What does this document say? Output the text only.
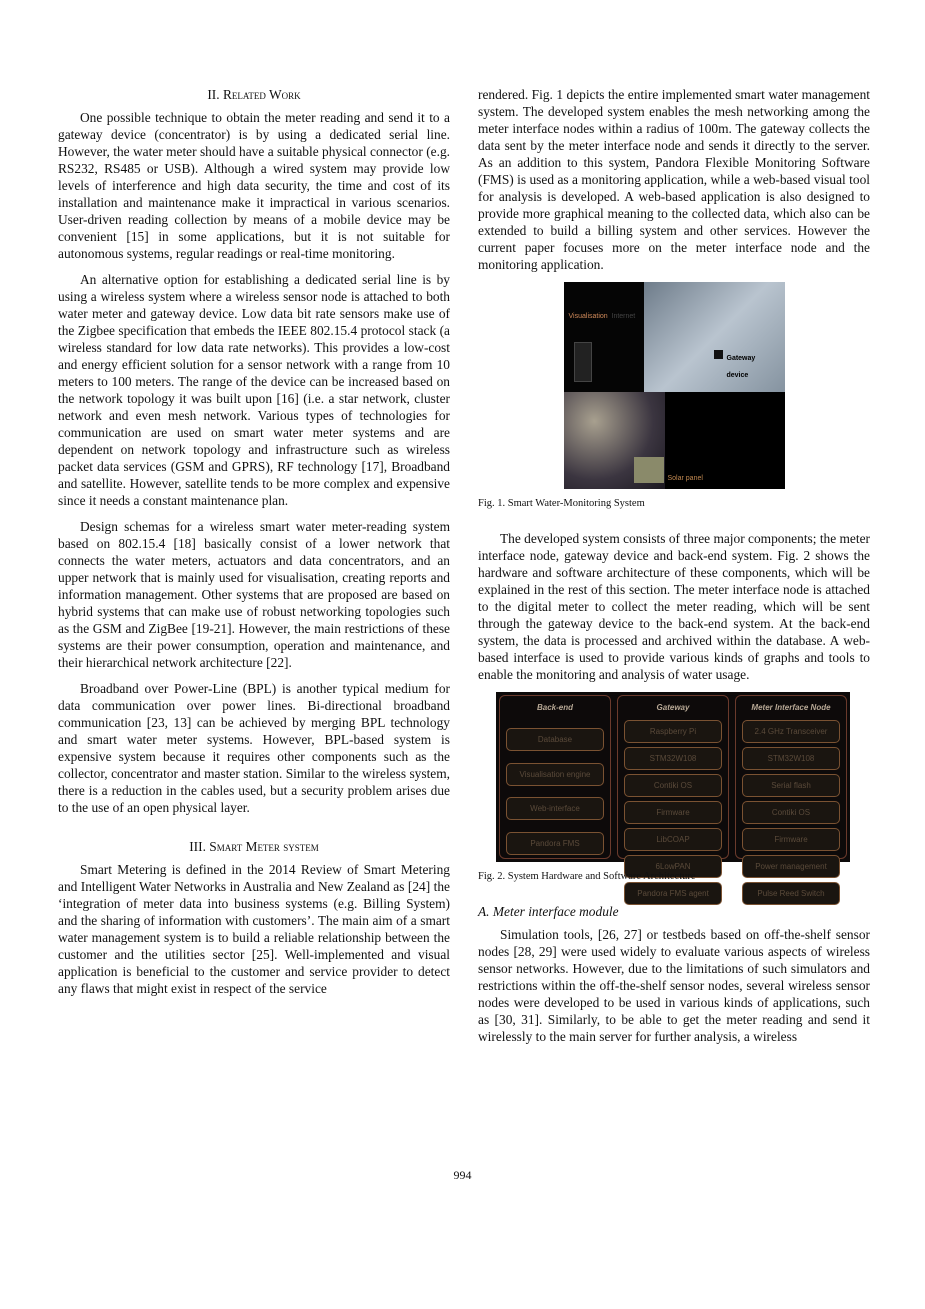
II. Related Work

One possible technique to obtain the meter reading and send it to a gateway device (concentrator) is by using a dedicated serial line. However, the water meter should have a suitable physical connector (e.g. RS232, RS485 or USB). Although a wired system may provide low levels of interference and high data security, the time and cost of its installation and maintenance make it impractical in various scenarios. User-driven reading collection by means of a mobile device may be convenient [15] in some applications, but it is not suitable for autonomous systems, regular readings or real-time monitoring.

An alternative option for establishing a dedicated serial line is by using a wireless system where a wireless sensor node is attached to both water meter and gateway device. Low data bit rate sensors make use of the Zigbee specification that embeds the IEEE 802.15.4 protocol stack (a wireless standard for low data rate networks). This provides a low-cost and energy efficient solution for a sensor network with a range from 10 meters to 100 meters. The range of the device can be increased based on the network topology it was built upon [16] (i.e. a star network, cluster network and even mesh network. Various types of technologies for communication are used on smart water meter systems and are dependent on network topology and infrastructure such as wireless packet data services (GSM and GPRS), RF technology [17], Broadband and satellite. However, satellite tends to be more complex and expensive since it needs a constant maintenance plan.

Design schemas for a wireless smart water meter-reading system based on 802.15.4 [18] basically consist of a lower network that connects the water meters, actuators and data concentrators, and an upper network that is mainly used for visualisation, creating reports and information management. Other systems that are proposed are based on hybrid systems that can make use of robust networking topologies such as the GSM and ZigBee [19-21]. However, the main restrictions of these systems are their power consumption, operation and maintenance, and their hierarchical network architecture [22].

Broadband over Power-Line (BPL) is another typical medium for data communication over power lines. Bi-directional broadband communication [23, 13] can be achieved by merging BPL technology and smart water meter systems. However, BPL-based system is expensive system because it requires other components such as the collector, concentrator and master station. Similar to the wireless system, there is a reduction in the cables used, but a security problem arises due to the use of an open physical layer.

III. Smart Meter system

Smart Metering is defined in the 2014 Review of Smart Metering and Intelligent Water Networks in Australia and New Zealand as [24] the ‘integration of meter data into business systems (e.g. Billing System) and the sharing of information with customers’. The main aim of a smart water management system is to build a reliable relationship between the customer and the utilities sector [25]. Well-implemented and visual application is beneficial to the customer and service provider to detect any flaws that might exist in respect of the service

rendered. Fig. 1 depicts the entire implemented smart water management system. The developed system enables the mesh networking among the meter interface nodes within a radius of 100m. The gateway collects the data sent by the meter interface node and sends it directly to the server. As an addition to this system, Pandora Flexible Monitoring Software (FMS) is used as a monitoring application, while a web-based visual tool for analysis is developed. A web-based application is also designed to provide more graphical meaning to the collected data, which also can be extended to build a billing system and other services. However the current paper focuses more on the meter interface node and the monitoring application.

Visualisation Internet
Gateway device
Solar panel
Fig. 1. Smart Water-Monitoring System

The developed system consists of three major components; the meter interface node, gateway device and back-end system. Fig. 2 shows the hardware and software architecture of these components, which will be explained in the rest of this section. The meter interface node is attached to the digital meter to collect the meter reading, which will be sent through the gateway device to the back-end system. At the back-end system, the data is processed and archived within the database. A web-based interface is used to provide various kinds of graphs and tools to enable the monitoring and analysis of water usage.

Back-end
Database
Visualisation engine
Web-interface
Pandora FMS
Gateway
Raspberry Pi
STM32W108
Contiki OS
Firmware
LibCOAP
6LowPAN
Pandora FMS agent
Meter Interface Node
2.4 GHz Transceiver
STM32W108
Serial flash
Contiki OS
Firmware
Power management
Pulse Reed Switch
Fig. 2. System Hardware and Software Architecture
A. Meter interface module

Simulation tools, [26, 27] or testbeds based on off-the-shelf sensor nodes [28, 29] were used widely to evaluate various aspects of wireless sensor networks. However, due to the limitations of such simulators and restrictions within the off-the-shelf sensor nodes, several wireless sensor nodes were developed to be used in various kinds of applications, such as [30, 31]. Similarly, to be able to get the meter reading and send it wirelessly to the main server for further analysis, a wireless

994
